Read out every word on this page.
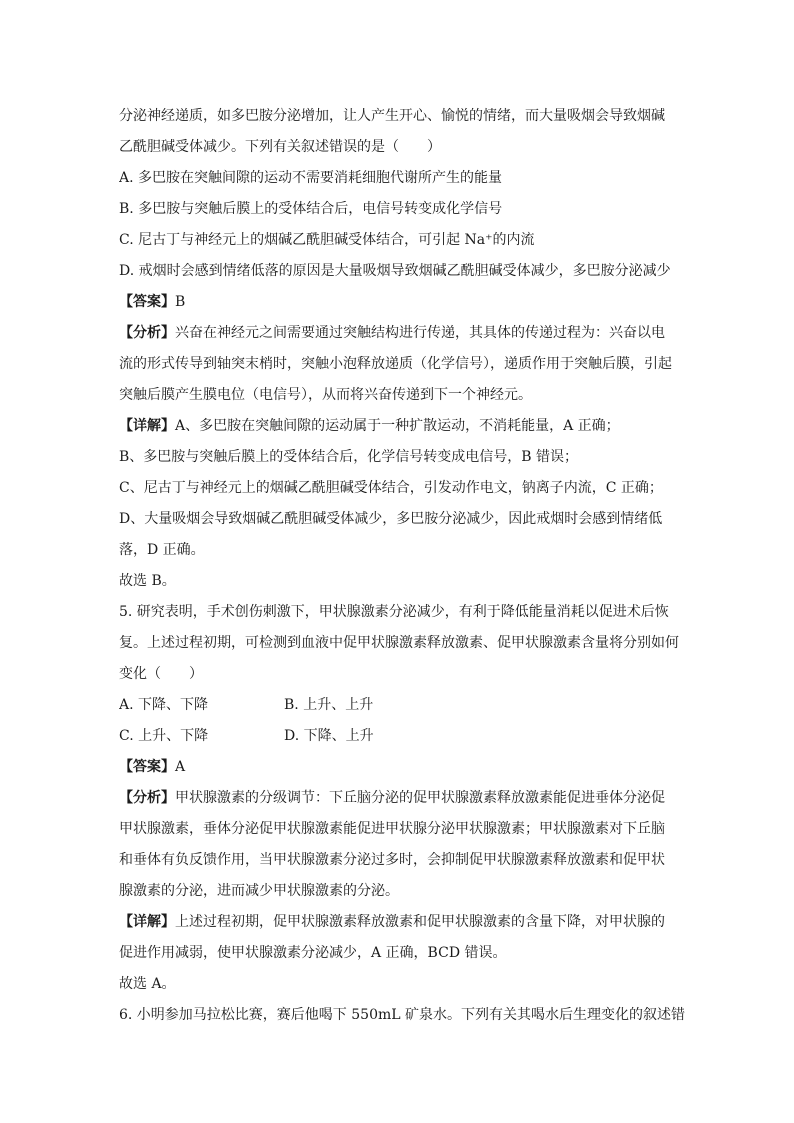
分泌神经递质，如多巴胺分泌增加，让人产生开心、愉悦的情绪，而大量吸烟会导致烟碱
乙酰胆碱受体减少。下列有关叙述错误的是（　　）
A. 多巴胺在突触间隙的运动不需要消耗细胞代谢所产生的能量
B. 多巴胺与突触后膜上的受体结合后，电信号转变成化学信号
C. 尼古丁与神经元上的烟碱乙酰胆碱受体结合，可引起 Na⁺的内流
D. 戒烟时会感到情绪低落的原因是大量吸烟导致烟碱乙酰胆碱受体减少，多巴胺分泌减少
【答案】B
【分析】兴奋在神经元之间需要通过突触结构进行传递，其具体的传递过程为：兴奋以电
流的形式传导到轴突末梢时，突触小泡释放递质（化学信号），递质作用于突触后膜，引起
突触后膜产生膜电位（电信号），从而将兴奋传递到下一个神经元。
【详解】A、多巴胺在突触间隙的运动属于一种扩散运动，不消耗能量，A 正确；
B、多巴胺与突触后膜上的受体结合后，化学信号转变成电信号，B 错误；
C、尼古丁与神经元上的烟碱乙酰胆碱受体结合，引发动作电文，钠离子内流，C 正确；
D、大量吸烟会导致烟碱乙酰胆碱受体减少，多巴胺分泌减少，因此戒烟时会感到情绪低
落，D 正确。
故选 B。
5. 研究表明，手术创伤刺激下，甲状腺激素分泌减少，有利于降低能量消耗以促进术后恢
复。上述过程初期，可检测到血液中促甲状腺激素释放激素、促甲状腺激素含量将分别如何
变化（　　）
A. 下降、下降	B. 上升、上升
C. 上升、下降	D. 下降、上升
【答案】A
【分析】甲状腺激素的分级调节：下丘脑分泌的促甲状腺激素释放激素能促进垂体分泌促
甲状腺激素，垂体分泌促甲状腺激素能促进甲状腺分泌甲状腺激素；甲状腺激素对下丘脑
和垂体有负反馈作用，当甲状腺激素分泌过多时，会抑制促甲状腺激素释放激素和促甲状
腺激素的分泌，进而减少甲状腺激素的分泌。
【详解】上述过程初期，促甲状腺激素释放激素和促甲状腺激素的含量下降，对甲状腺的
促进作用减弱，使甲状腺激素分泌减少，A 正确，BCD 错误。
故选 A。
6. 小明参加马拉松比赛，赛后他喝下 550mL 矿泉水。下列有关其喝水后生理变化的叙述错
